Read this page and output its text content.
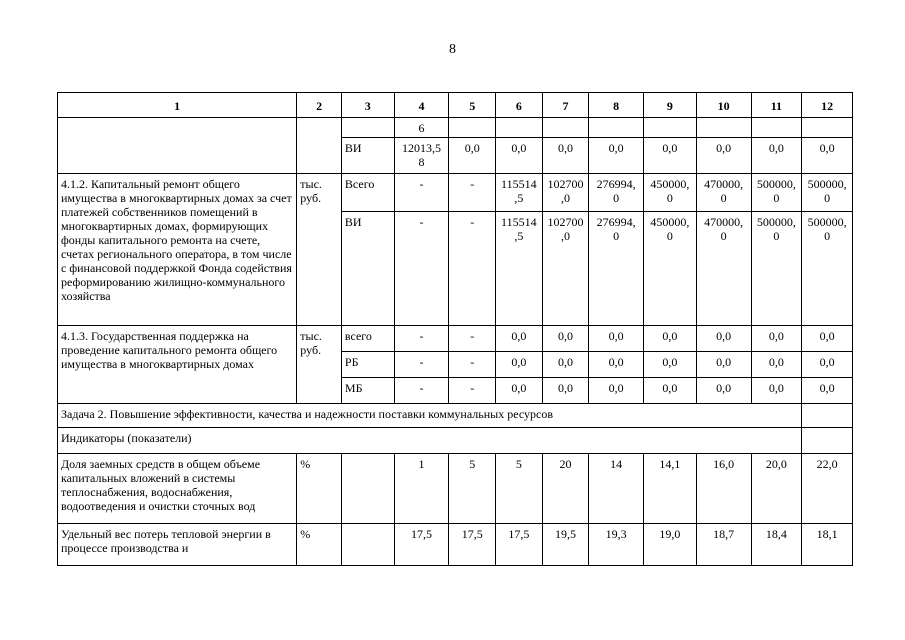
8
1	2	3	4	5	6	7	8	9	10	11	12
			6								
		ВИ	12013,5 8	0,0	0,0	0,0	0,0	0,0	0,0	0,0	0,0
4.1.2. Капитальный ремонт общего имущества в многоквартирных домах за счет платежей собственников помещений в многоквартирных домах, формирующих фонды капитального ремонта на счете, счетах регионального оператора, в том числе с финансовой поддержкой Фонда содействия реформированию жилищно-коммунального хозяйства	тыс. руб.	Всего	-	-	115514 ,5	102700 ,0	276994, 0	450000, 0	470000, 0	500000, 0	500000, 0
		ВИ	-	-	115514 ,5	102700 ,0	276994, 0	450000, 0	470000, 0	500000, 0	500000, 0
4.1.3. Государственная поддержка на проведение капитального ремонта общего имущества в многоквартирных домах	тыс. руб.	всего	-	-	0,0	0,0	0,0	0,0	0,0	0,0	0,0
		РБ	-	-	0,0	0,0	0,0	0,0	0,0	0,0	0,0
		МБ	-	-	0,0	0,0	0,0	0,0	0,0	0,0	0,0
Задача 2. Повышение эффективности, качества и надежности поставки коммунальных ресурсов											
Индикаторы (показатели)											
Доля заемных средств в общем объеме капитальных вложений в системы теплоснабжения, водоснабжения, водоотведения и очистки сточных вод	%		1	5	5	20	14	14,1	16,0	20,0	22,0
Удельный вес потерь тепловой энергии в процессе производства и	%		17,5	17,5	17,5	19,5	19,3	19,0	18,7	18,4	18,1
